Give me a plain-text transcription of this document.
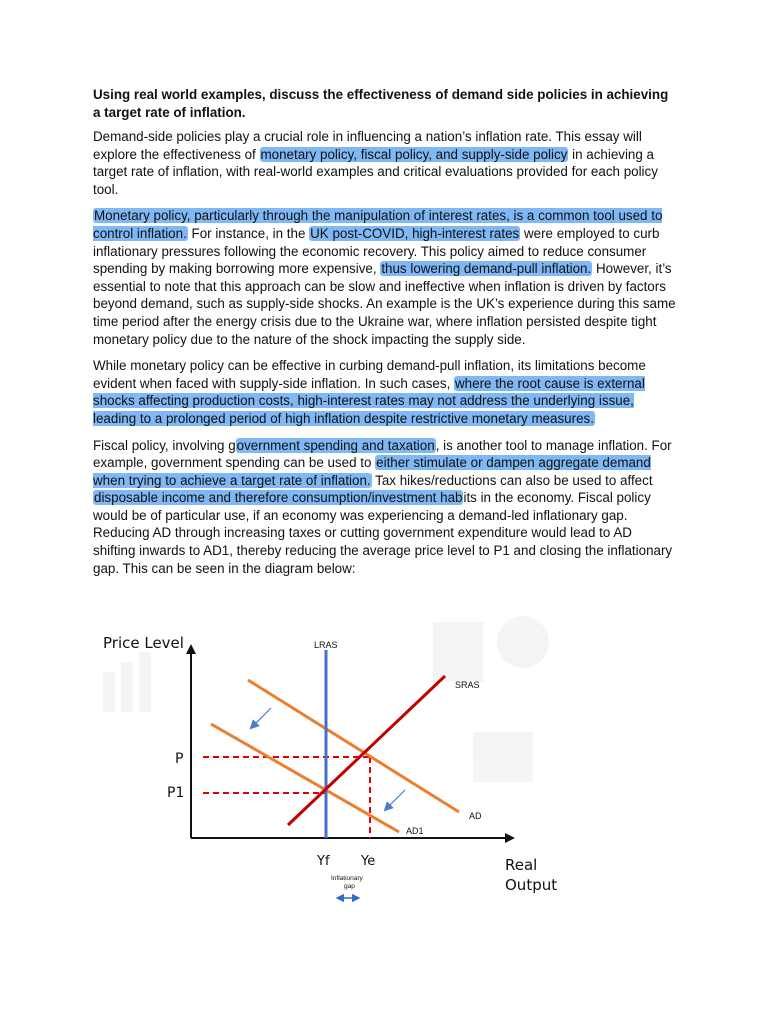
Using real world examples, discuss the effectiveness of demand side policies in achieving a target rate of inflation.

Demand-side policies play a crucial role in influencing a nation’s inflation rate. This essay will explore the effectiveness of monetary policy, fiscal policy, and supply-side policy in achieving a target rate of inflation, with real-world examples and critical evaluations provided for each policy tool.

Monetary policy, particularly through the manipulation of interest rates, is a common tool used to control inflation. For instance, in the UK post-COVID, high-interest rates were employed to curb inflationary pressures following the economic recovery. This policy aimed to reduce consumer spending by making borrowing more expensive, thus lowering demand-pull inflation. However, it’s essential to note that this approach can be slow and ineffective when inflation is driven by factors beyond demand, such as supply-side shocks. An example is the UK’s experience during this same time period after the energy crisis due to the Ukraine war, where inflation persisted despite tight monetary policy due to the nature of the shock impacting the supply side.

While monetary policy can be effective in curbing demand-pull inflation, its limitations become evident when faced with supply-side inflation. In such cases, where the root cause is external shocks affecting production costs, high-interest rates may not address the underlying issue, leading to a prolonged period of high inflation despite restrictive monetary measures.

Fiscal policy, involving government spending and taxation, is another tool to manage inflation. For example, government spending can be used to either stimulate or dampen aggregate demand when trying to achieve a target rate of inflation. Tax hikes/reductions can also be used to affect disposable income and therefore consumption/investment habits in the economy. Fiscal policy would be of particular use, if an economy was experiencing a demand-led inflationary gap. Reducing AD through increasing taxes or cutting government expenditure would lead to AD shifting inwards to AD1, thereby reducing the average price level to P1 and closing the inflationary gap. This can be seen in the diagram below:

Price Level	LRAS
SRAS
AD
AD1
P
P1
Yf Ye
Inflationary
gap
Real
Output
